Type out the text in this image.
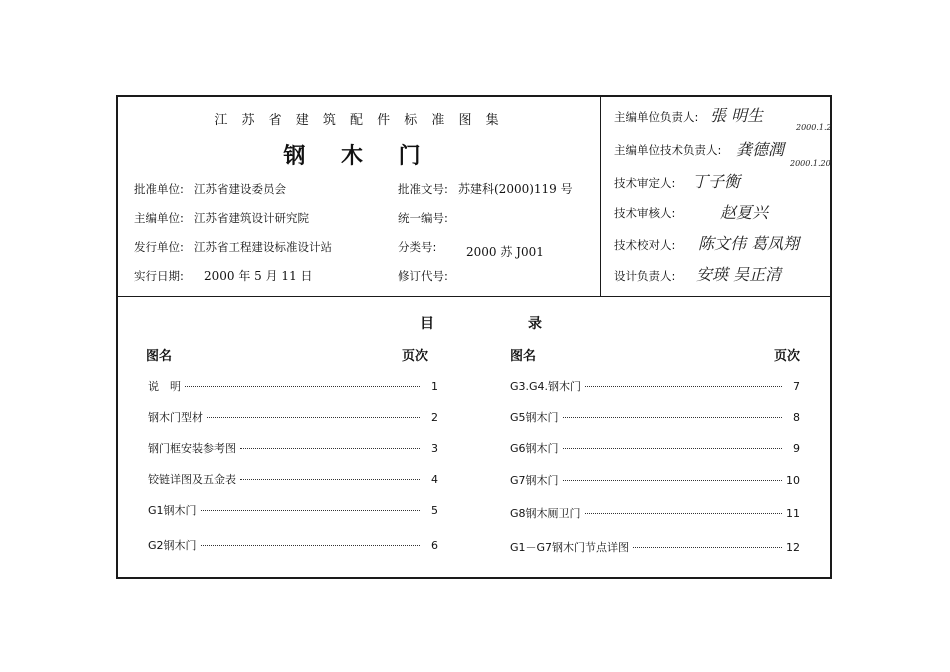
江 苏 省 建 筑 配 件 标 准 图 集
钢 木 门
批准单位: 江苏省建设委员会
主编单位: 江苏省建筑设计研究院
发行单位: 江苏省工程建设标准设计站
实行日期: 2000 年 5 月 11 日
批准文号: 苏建科(2000)119 号
统一编号:
分类号: 2000 苏 J001
修订代号:
主编单位负责人: 張 明生
2000.1.2
主编单位技术负责人: 龚德潤
2000.1.20
技术审定人: 丁子衡
技术审核人:	赵夏兴
技术校对人: 陈文伟 葛凤翔
设计负责人: 安瑛 吴正清
目	录
图名	页次	图名	页次
说　明	1
钢木门型材	2
钢门框安装参考图	3
铰链详图及五金表	4
G1钢木门	5
G2钢木门	6
G3.G4.钢木门	7
G5钢木门	8
G6钢木门	9
G7钢木门	10
G8钢木厕卫门	11
G1－G7钢木门节点详图	12
